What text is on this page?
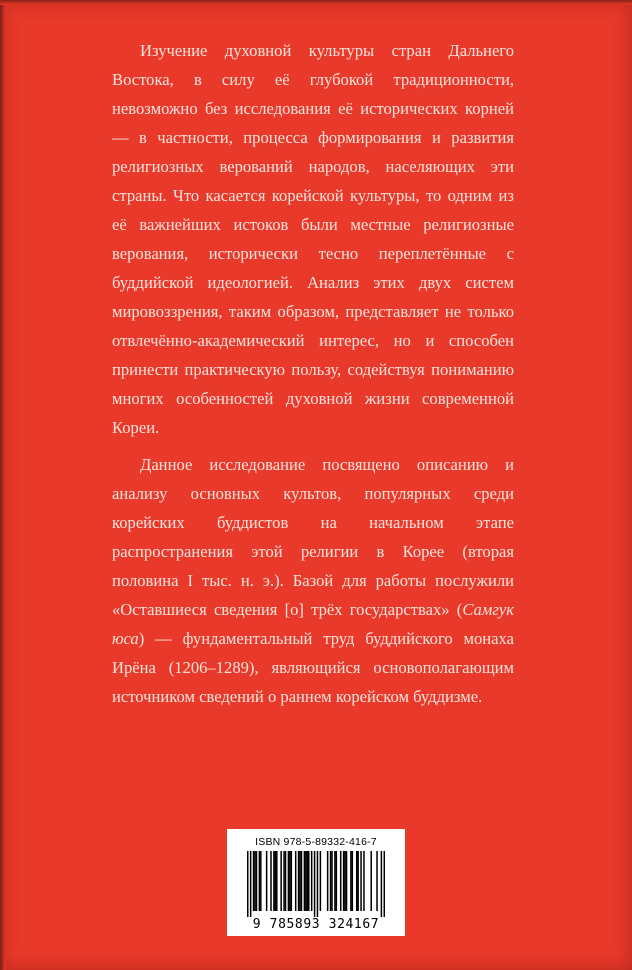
Изучение духовной культуры стран Дальнего Востока, в силу её глубокой традиционности, невозможно без исследования её исторических корней — в частности, процесса формирования и развития религиозных верований народов, населяющих эти страны. Что касается корейской культуры, то одним из её важнейших истоков были местные религиозные верования, исторически тесно переплетённые с буддийской идеологией. Анализ этих двух систем мировоззрения, таким образом, представляет не только отвлечённо-академический интерес, но и способен принести практическую пользу, содействуя пониманию многих особенностей духовной жизни современной Кореи.

Данное исследование посвящено описанию и анализу основных культов, популярных среди корейских буддистов на начальном этапе распространения этой религии в Корее (вторая половина I тыс. н. э.). Базой для работы послужили «Оставшиеся сведения [о] трёх государствах» (Самгук юса) — фундаментальный труд буддийского монаха Ирёна (1206–1289), являющийся основополагающим источником сведений о раннем корейском буддизме.

ISBN 978-5-89332-416-7
9 785893 324167
